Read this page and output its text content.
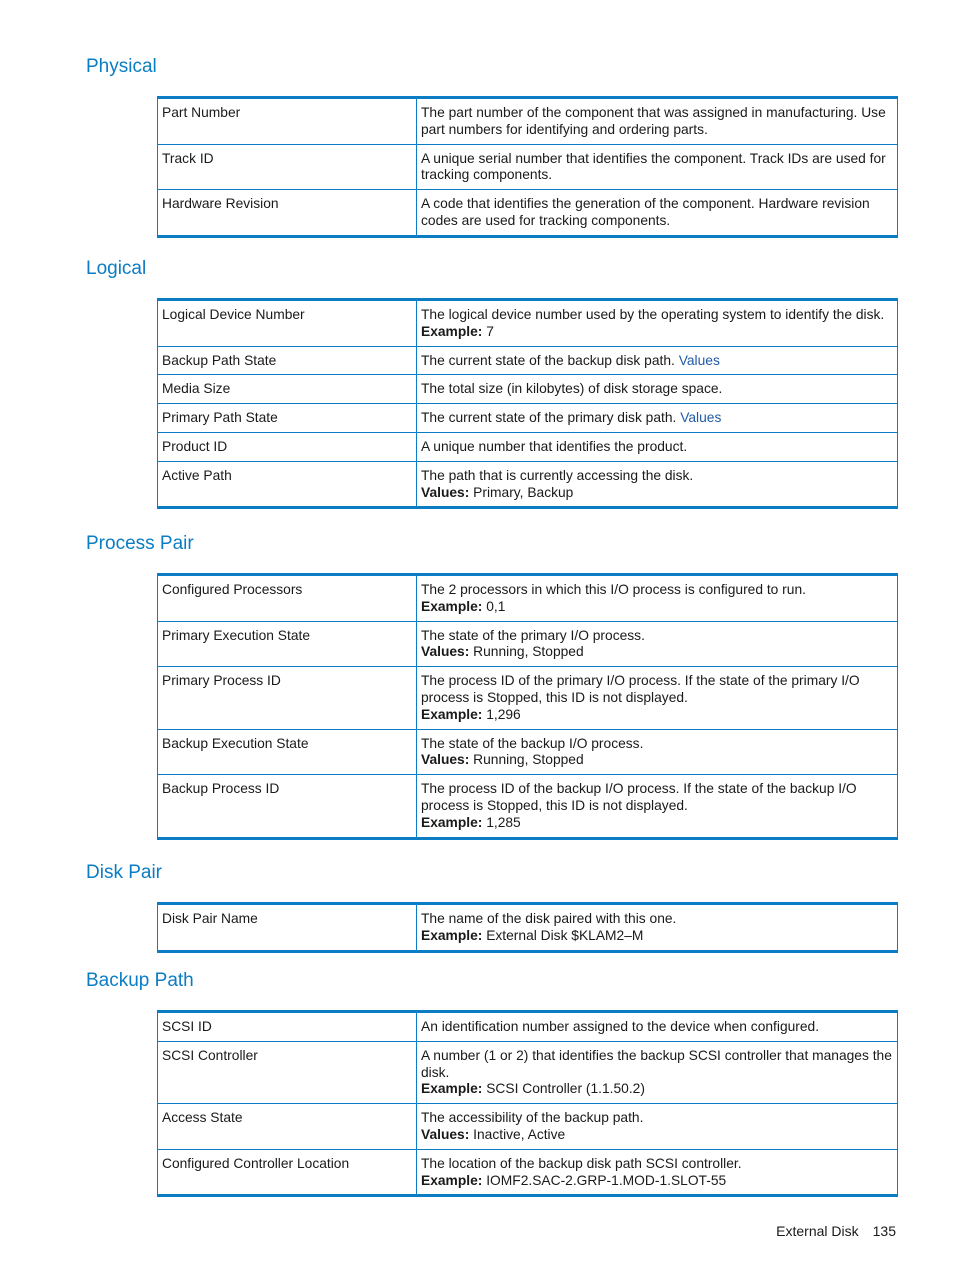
Physical
Part Number	The part number of the component that was assigned in manufacturing. Use part numbers for identifying and ordering parts.
Track ID	A unique serial number that identifies the component. Track IDs are used for tracking components.
Hardware Revision	A code that identifies the generation of the component. Hardware revision codes are used for tracking components.
Logical
Logical Device Number	The logical device number used by the operating system to identify the disk.
Example: 7
Backup Path State	The current state of the backup disk path. Values
Media Size	The total size (in kilobytes) of disk storage space.
Primary Path State	The current state of the primary disk path. Values
Product ID	A unique number that identifies the product.
Active Path	The path that is currently accessing the disk.
Values: Primary, Backup
Process Pair
Configured Processors	The 2 processors in which this I/O process is configured to run.
Example: 0,1
Primary Execution State	The state of the primary I/O process.
Values: Running, Stopped
Primary Process ID	The process ID of the primary I/O process. If the state of the primary I/O process is Stopped, this ID is not displayed.
Example: 1,296
Backup Execution State	The state of the backup I/O process.
Values: Running, Stopped
Backup Process ID	The process ID of the backup I/O process. If the state of the backup I/O process is Stopped, this ID is not displayed.
Example: 1,285
Disk Pair
Disk Pair Name	The name of the disk paired with this one.
Example: External Disk $KLAM2–M
Backup Path
SCSI ID	An identification number assigned to the device when configured.
SCSI Controller	A number (1 or 2) that identifies the backup SCSI controller that manages the disk.
Example: SCSI Controller (1.1.50.2)
Access State	The accessibility of the backup path.
Values: Inactive, Active
Configured Controller Location	The location of the backup disk path SCSI controller.
Example: IOMF2.SAC-2.GRP-1.MOD-1.SLOT-55
External Disk 135
